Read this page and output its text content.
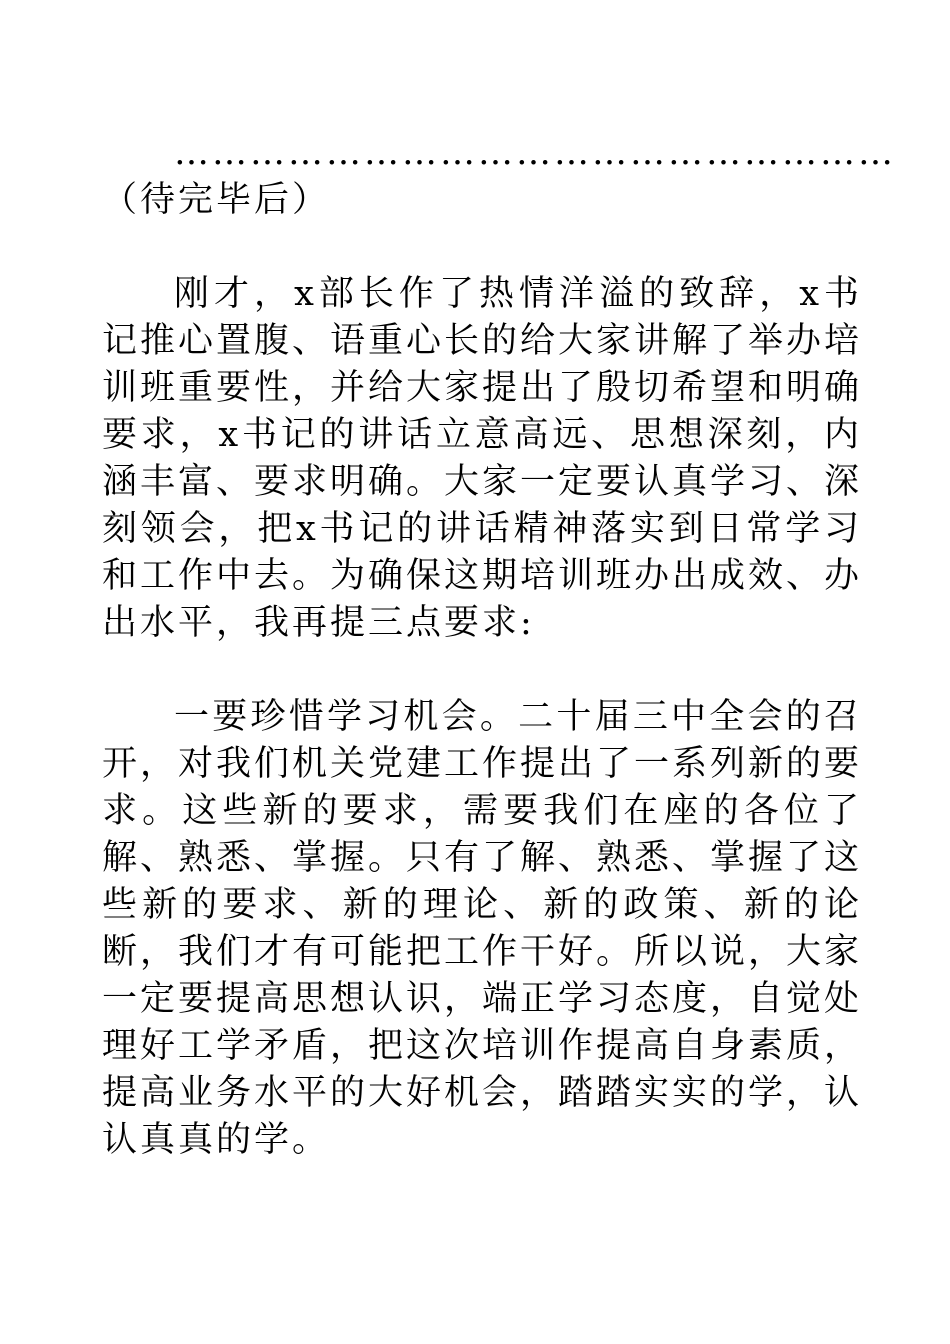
…………………………………………………（待完毕后）

刚才，x部长作了热情洋溢的致辞，x书记推心置腹、语重心长的给大家讲解了举办培训班重要性，并给大家提出了殷切希望和明确要求，x书记的讲话立意高远、思想深刻，内涵丰富、要求明确。大家一定要认真学习、深刻领会，把x书记的讲话精神落实到日常学习和工作中去。为确保这期培训班办出成效、办出水平，我再提三点要求:

一要珍惜学习机会。二十届三中全会的召开，对我们机关党建工作提出了一系列新的要求。这些新的要求，需要我们在座的各位了解、熟悉、掌握。只有了解、熟悉、掌握了这些新的要求、新的理论、新的政策、新的论断，我们才有可能把工作干好。所以说，大家一定要提高思想认识，端正学习态度，自觉处理好工学矛盾，把这次培训作提高自身素质，提高业务水平的大好机会，踏踏实实的学，认认真真的学。
